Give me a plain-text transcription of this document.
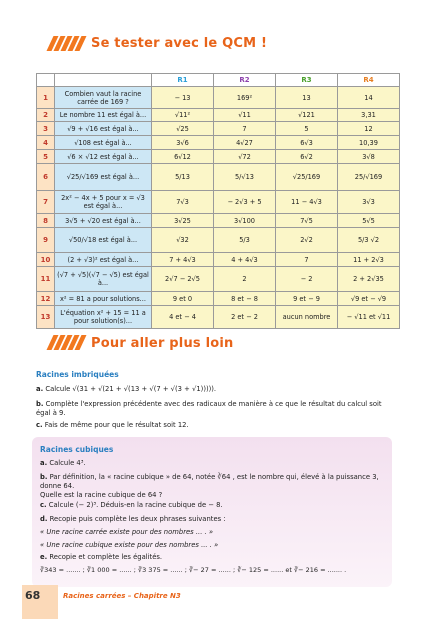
Se tester avec le QCM !
		R1	R2	R3	R4
1	Combien vaut la racine carrée de 169 ?	− 13	169²	13	14
2	Le nombre 11 est égal à...	√11²	√11	√121	3,31
3	√9 + √16 est égal à...	√25	7	5	12
4	√108 est égal à...	3√6	4√27	6√3	10,39
5	√6 × √12 est égal à...	6√12	√72	6√2	3√8
6	√25/√169 est égal à...	5/13	5/√13	√25/169	25/√169
7	2x² − 4x + 5 pour x = √3 est égal à...	7√3	− 2√3 + 5	11 − 4√3	3√3
8	3√5 + √20 est égal à...	3√25	3√100	7√5	5√5
9	√50/√18 est égal à...	√32	5/3	2√2	5/3 √2
10	(2 + √3)² est égal à...	7 + 4√3	4 + 4√3	7	11 + 2√3
11	(√7 + √5)(√7 − √5) est égal à...	2√7 − 2√5	2	− 2	2 + 2√35
12	x² = 81 a pour solutions...	9 et 0	8 et − 8	9 et − 9	√9 et − √9
13	L'équation x² + 15 = 11 a pour solution(s)...	4 et − 4	2 et − 2	aucun nombre	− √11 et √11
Pour aller plus loin
Racines imbriquées
a. Calcule √(31 + √(21 + √(13 + √(7 + √(3 + √1))))).
b. Complète l'expression précédente avec des radicaux de manière à ce que le résultat du calcul soit égal à 9.
c. Fais de même pour que le résultat soit 12.
Racines cubiques
a. Calcule 4³.
b. Par définition, la « racine cubique » de 64, notée ∛64 , est le nombre qui, élevé à la puissance 3, donne 64.
Quelle est la racine cubique de 64 ?
c. Calcule (− 2)³. Déduis-en la racine cubique de − 8.
d. Recopie puis complète les deux phrases suivantes :
« Une racine carrée existe pour des nombres ... . »
« Une racine cubique existe pour des nombres ... . »
e. Recopie et complète les égalités.
∛343 = ....... ; ∛1 000 = ...... ; ∛3 375 = ...... ; ∛− 27 = ...... ; ∛− 125 = ...... et ∛− 216 = ....... .
68	Racines carrées – Chapitre N3
